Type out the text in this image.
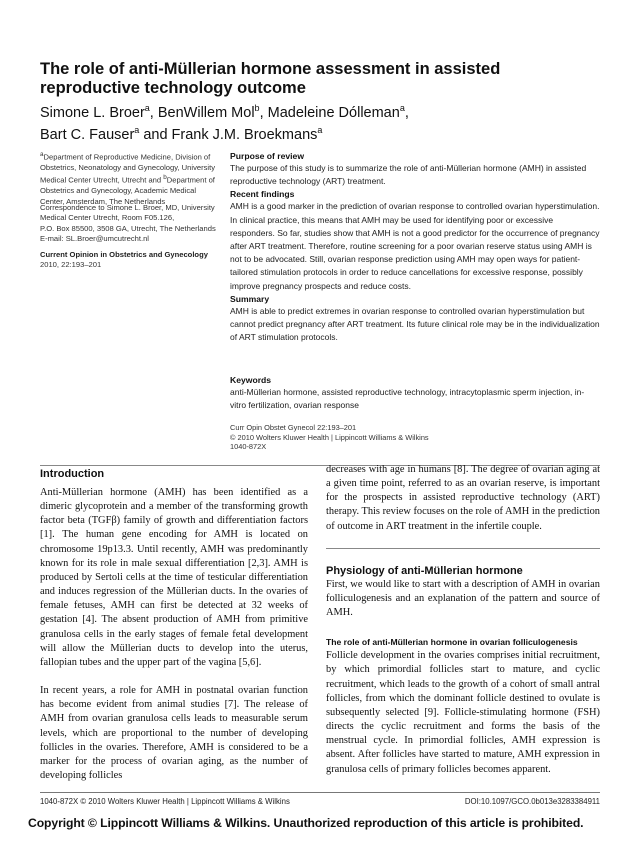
The role of anti-Müllerian hormone assessment in assisted reproductive technology outcome
Simone L. Broer$^a$, BenWillem Mol$^b$, Madeleine Dólleman$^a$,
Bart C. Fauser$^a$ and Frank J.M. Broekmans$^a$
$^a$Department of Reproductive Medicine, Division of Obstetrics, Neonatology and Gynecology, University Medical Center Utrecht, Utrecht and $^b$Department of Obstetrics and Gynecology, Academic Medical Center, Amsterdam, The Netherlands
Correspondence to Simone L. Broer, MD, University
Medical Center Utrecht, Room F05.126,
P.O. Box 85500, 3508 GA, Utrecht, The Netherlands
E-mail: SL.Broer@umcutrecht.nl
Current Opinion in Obstetrics and Gynecology
2010, 22:193–201
Purpose of review

The purpose of this study is to summarize the role of anti-Müllerian hormone (AMH) in assisted reproductive technology (ART) treatment.

Recent findings

AMH is a good marker in the prediction of ovarian response to controlled ovarian hyperstimulation. In clinical practice, this means that AMH may be used for identifying poor or excessive responders. So far, studies show that AMH is not a good predictor for the occurrence of pregnancy after ART treatment. Therefore, routine screening for a poor ovarian reserve status using AMH is not to be advocated. Still, ovarian response prediction using AMH may open ways for patient-tailored stimulation protocols in order to reduce cancellations for excessive response, possibly improve pregnancy prospects and reduce costs.

Summary

AMH is able to predict extremes in ovarian response to controlled ovarian hyperstimulation but cannot predict pregnancy after ART treatment. Its future clinical role may be in the individualization of ART stimulation protocols.

Keywords

anti-Müllerian hormone, assisted reproductive technology, intracytoplasmic sperm injection, in-vitro fertilization, ovarian response

Curr Opin Obstet Gynecol 22:193–201
© 2010 Wolters Kluwer Health | Lippincott Williams & Wilkins
1040-872X
Introduction

Anti-Müllerian hormone (AMH) has been identified as a dimeric glycoprotein and a member of the transforming growth factor beta (TGFβ) family of growth and differentiation factors [1]. The human gene encoding for AMH is located on chromosome 19p13.3. Until recently, AMH was predominantly known for its role in male sexual differentiation [2,3]. AMH is produced by Sertoli cells at the time of testicular differentiation and induces regression of the Müllerian ducts. In the ovaries of female fetuses, AMH can first be detected at 32 weeks of gestation [4]. The absent production of AMH from primitive granulosa cells in the early stages of female fetal development will allow the Müllerian ducts to develop into the uterus, fallopian tubes and the upper part of the vagina [5,6].

In recent years, a role for AMH in postnatal ovarian function has become evident from animal studies [7]. The release of AMH from ovarian granulosa cells leads to measurable serum levels, which are proportional to the number of developing follicles in the ovaries. Therefore, AMH is considered to be a marker for the process of ovarian aging, as the number of developing follicles

decreases with age in humans [8]. The degree of ovarian aging at a given time point, referred to as an ovarian reserve, is important for the prospects in assisted reproductive technology (ART) therapy. This review focuses on the role of AMH in the prediction of outcome in ART treatment in the infertile couple.

Physiology of anti-Müllerian hormone

First, we would like to start with a description of AMH in ovarian folliculogenesis and an explanation of the pattern and source of AMH.

The role of anti-Müllerian hormone in ovarian folliculogenesis

Follicle development in the ovaries comprises initial recruitment, by which primordial follicles start to mature, and cyclic recruitment, which leads to the growth of a cohort of small antral follicles, from which the dominant follicle destined to ovulate is subsequently selected [9]. Follicle-stimulating hormone (FSH) directs the cyclic recruitment and forms the basis of the menstrual cycle. In primordial follicles, AMH expression is absent. After follicles have started to mature, AMH expression in granulosa cells of primary follicles becomes apparent.

1040-872X © 2010 Wolters Kluwer Health | Lippincott Williams & Wilkins	DOI:10.1097/GCO.0b013e3283384911
Copyright © Lippincott Williams & Wilkins. Unauthorized reproduction of this article is prohibited.
